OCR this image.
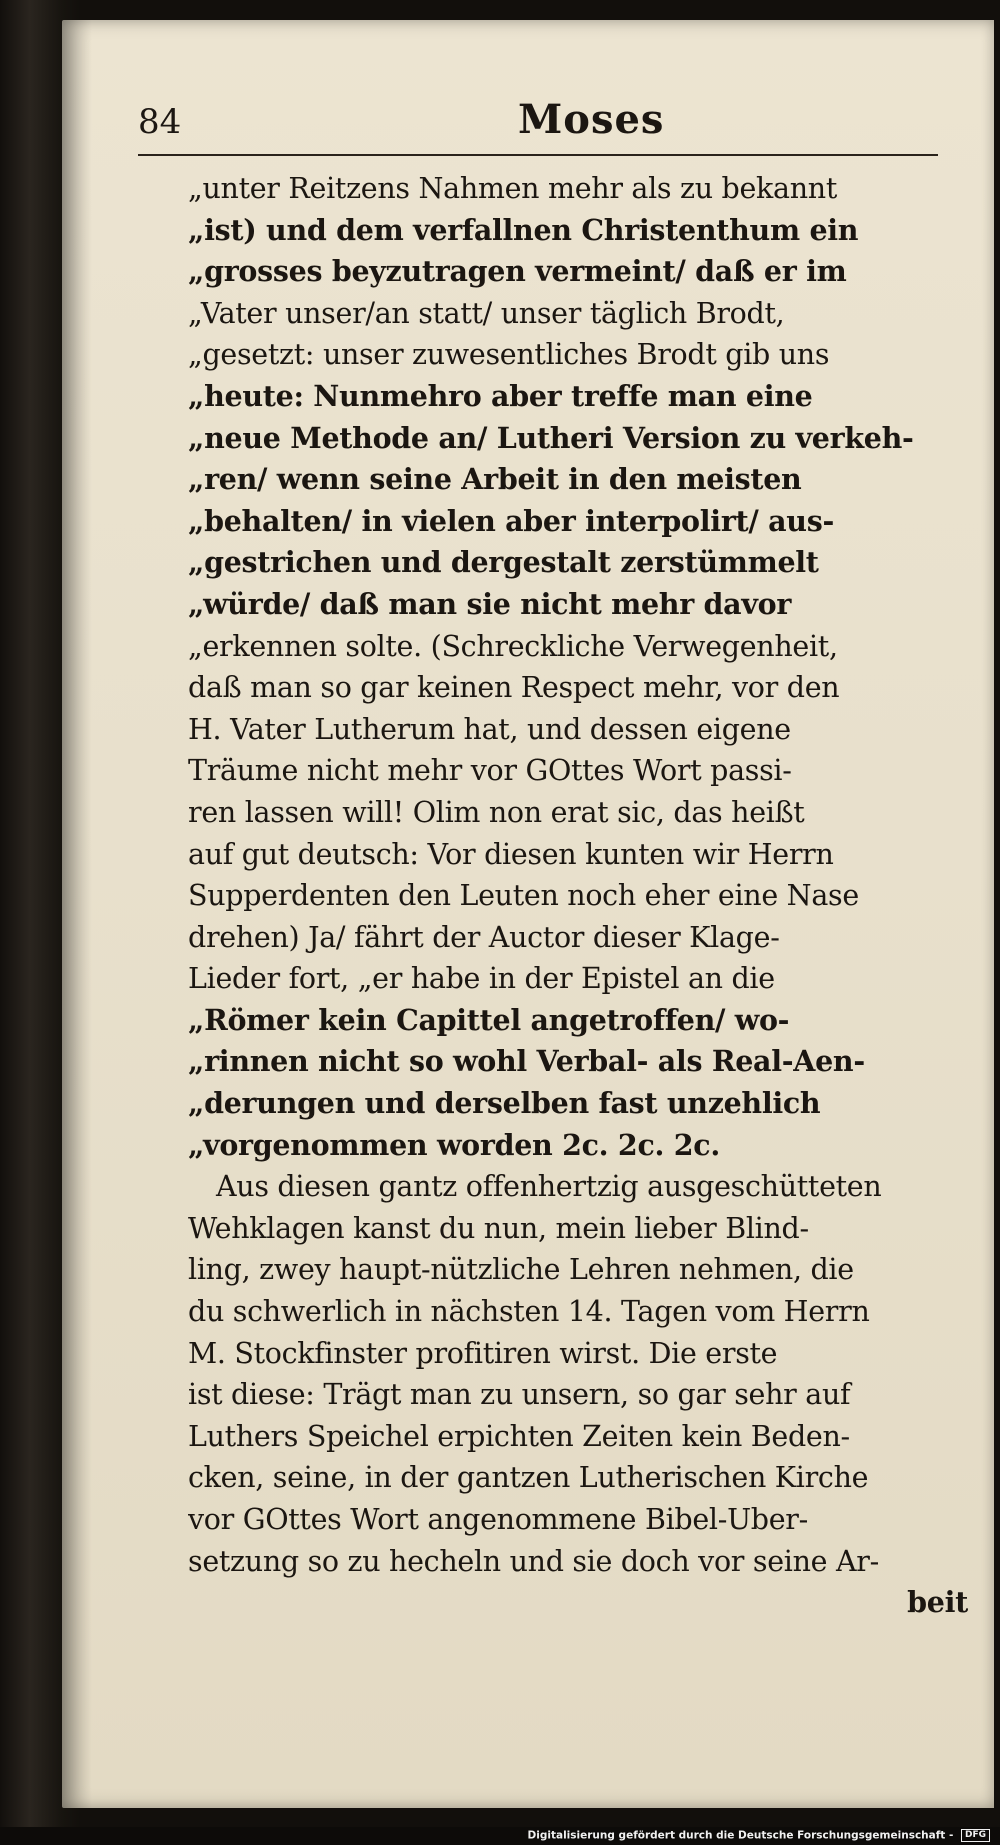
84	Moses
„unter Reitzens Nahmen mehr als zu bekannt
„ist) und dem verfallnen Christenthum ein
„grosses beyzutragen vermeint/ daß er im
„Vater unser/an statt/ unser täglich Brodt,
„gesetzt: unser zuwesentliches Brodt gib uns
„heute: Nunmehro aber treffe man eine
„neue Methode an/ Lutheri Version zu verkeh-
„ren/ wenn seine Arbeit in den meisten
„behalten/ in vielen aber interpolirt/ aus-
„gestrichen und dergestalt zerstümmelt
„würde/ daß man sie nicht mehr davor
„erkennen solte. (Schreckliche Verwegenheit,
daß man so gar keinen Respect mehr, vor den
H. Vater Lutherum hat, und dessen eigene
Träume nicht mehr vor GOttes Wort passi-
ren lassen will! Olim non erat sic, das heißt
auf gut deutsch: Vor diesen kunten wir Herrn
Supperdenten den Leuten noch eher eine Nase
drehen) Ja/ fährt der Auctor dieser Klage-
Lieder fort, „er habe in der Epistel an die
„Römer kein Capittel angetroffen/ wo-
„rinnen nicht so wohl Verbal- als Real-Aen-
„derungen und derselben fast unzehlich
„vorgenommen worden 2c. 2c. 2c.
Aus diesen gantz offenhertzig ausgeschütteten
Wehklagen kanst du nun, mein lieber Blind-
ling, zwey haupt-nützliche Lehren nehmen, die
du schwerlich in nächsten 14. Tagen vom Herrn
M. Stockfinster profitiren wirst. Die erste
ist diese: Trägt man zu unsern, so gar sehr auf
Luthers Speichel erpichten Zeiten kein Beden-
cken, seine, in der gantzen Lutherischen Kirche
vor GOttes Wort angenommene Bibel-Uber-
setzung so zu hecheln und sie doch vor seine Ar-
beit
Digitalisierung gefördert durch die Deutsche Forschungsgemeinschaft - DFG
